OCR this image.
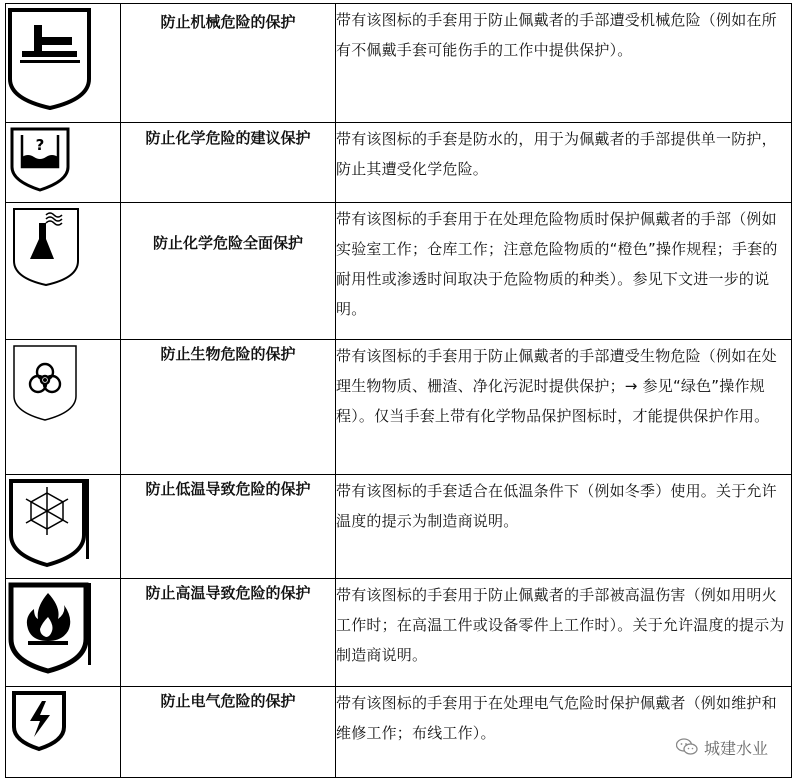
防止机械危险的保护	带有该图标的手套用于防止佩戴者的手部遭受机械危险（例如在所有不佩戴手套可能伤手的工作中提供保护）。

?	防止化学危险的建议保护	带有该图标的手套是防水的，用于为佩戴者的手部提供单一防护，防止其遭受化学危险。

防止化学危险全面保护	带有该图标的手套用于在处理危险物质时保护佩戴者的手部（例如实验室工作；仓库工作；注意危险物质的“橙色”操作规程；手套的耐用性或渗透时间取决于危险物质的种类）。参见下文进一步的说明。

防止生物危险的保护	带有该图标的手套用于防止佩戴者的手部遭受生物危险（例如在处理生物物质、栅渣、净化污泥时提供保护；→ 参见“绿色”操作规程）。仅当手套上带有化学物品保护图标时，才能提供保护作用。

防止低温导致危险的保护	带有该图标的手套适合在低温条件下（例如冬季）使用。关于允许温度的提示为制造商说明。

防止高温导致危险的保护	带有该图标的手套用于防止佩戴者的手部被高温伤害（例如用明火工作时；在高温工件或设备零件上工作时）。关于允许温度的提示为制造商说明。

防止电气危险的保护	带有该图标的手套用于在处理电气危险时保护佩戴者（例如维护和维修工作；布线工作）。
城建水业
